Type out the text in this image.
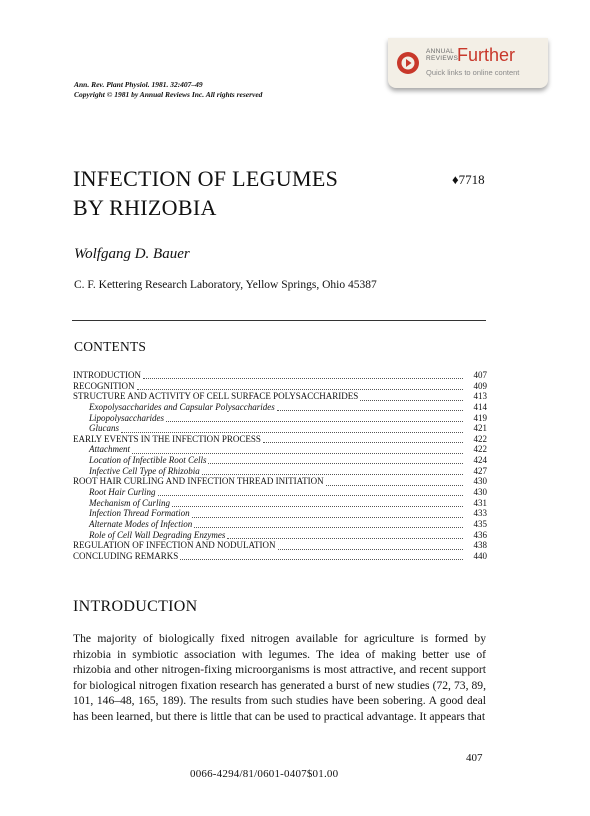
ANNUAL REVIEWS
Further
Quick links to online content
Ann. Rev. Plant Physiol. 1981. 32:407–49
Copyright © 1981 by Annual Reviews Inc. All rights reserved
INFECTION OF LEGUMES
BY RHIZOBIA
♦7718
Wolfgang D. Bauer
C. F. Kettering Research Laboratory, Yellow Springs, Ohio 45387
CONTENTS
INTRODUCTION	407
RECOGNITION	409
STRUCTURE AND ACTIVITY OF CELL SURFACE POLYSACCHARIDES	413
Exopolysaccharides and Capsular Polysaccharides	414
Lipopolysaccharides	419
Glucans	421
EARLY EVENTS IN THE INFECTION PROCESS	422
Attachment	422
Location of Infectible Root Cells	424
Infective Cell Type of Rhizobia	427
ROOT HAIR CURLING AND INFECTION THREAD INITIATION	430
Root Hair Curling	430
Mechanism of Curling	431
Infection Thread Formation	433
Alternate Modes of Infection	435
Role of Cell Wall Degrading Enzymes	436
REGULATION OF INFECTION AND NODULATION	438
CONCLUDING REMARKS	440
INTRODUCTION

The majority of biologically fixed nitrogen available for agriculture is formed by rhizobia in symbiotic association with legumes. The idea of making better use of rhizobia and other nitrogen-fixing microorganisms is most attractive, and recent support for biological nitrogen fixation research has generated a burst of new studies (72, 73, 89, 101, 146–48, 165, 189). The results from such studies have been sobering. A good deal has been learned, but there is little that can be used to practical advantage. It appears that

407
0066-4294/81/0601-0407$01.00
